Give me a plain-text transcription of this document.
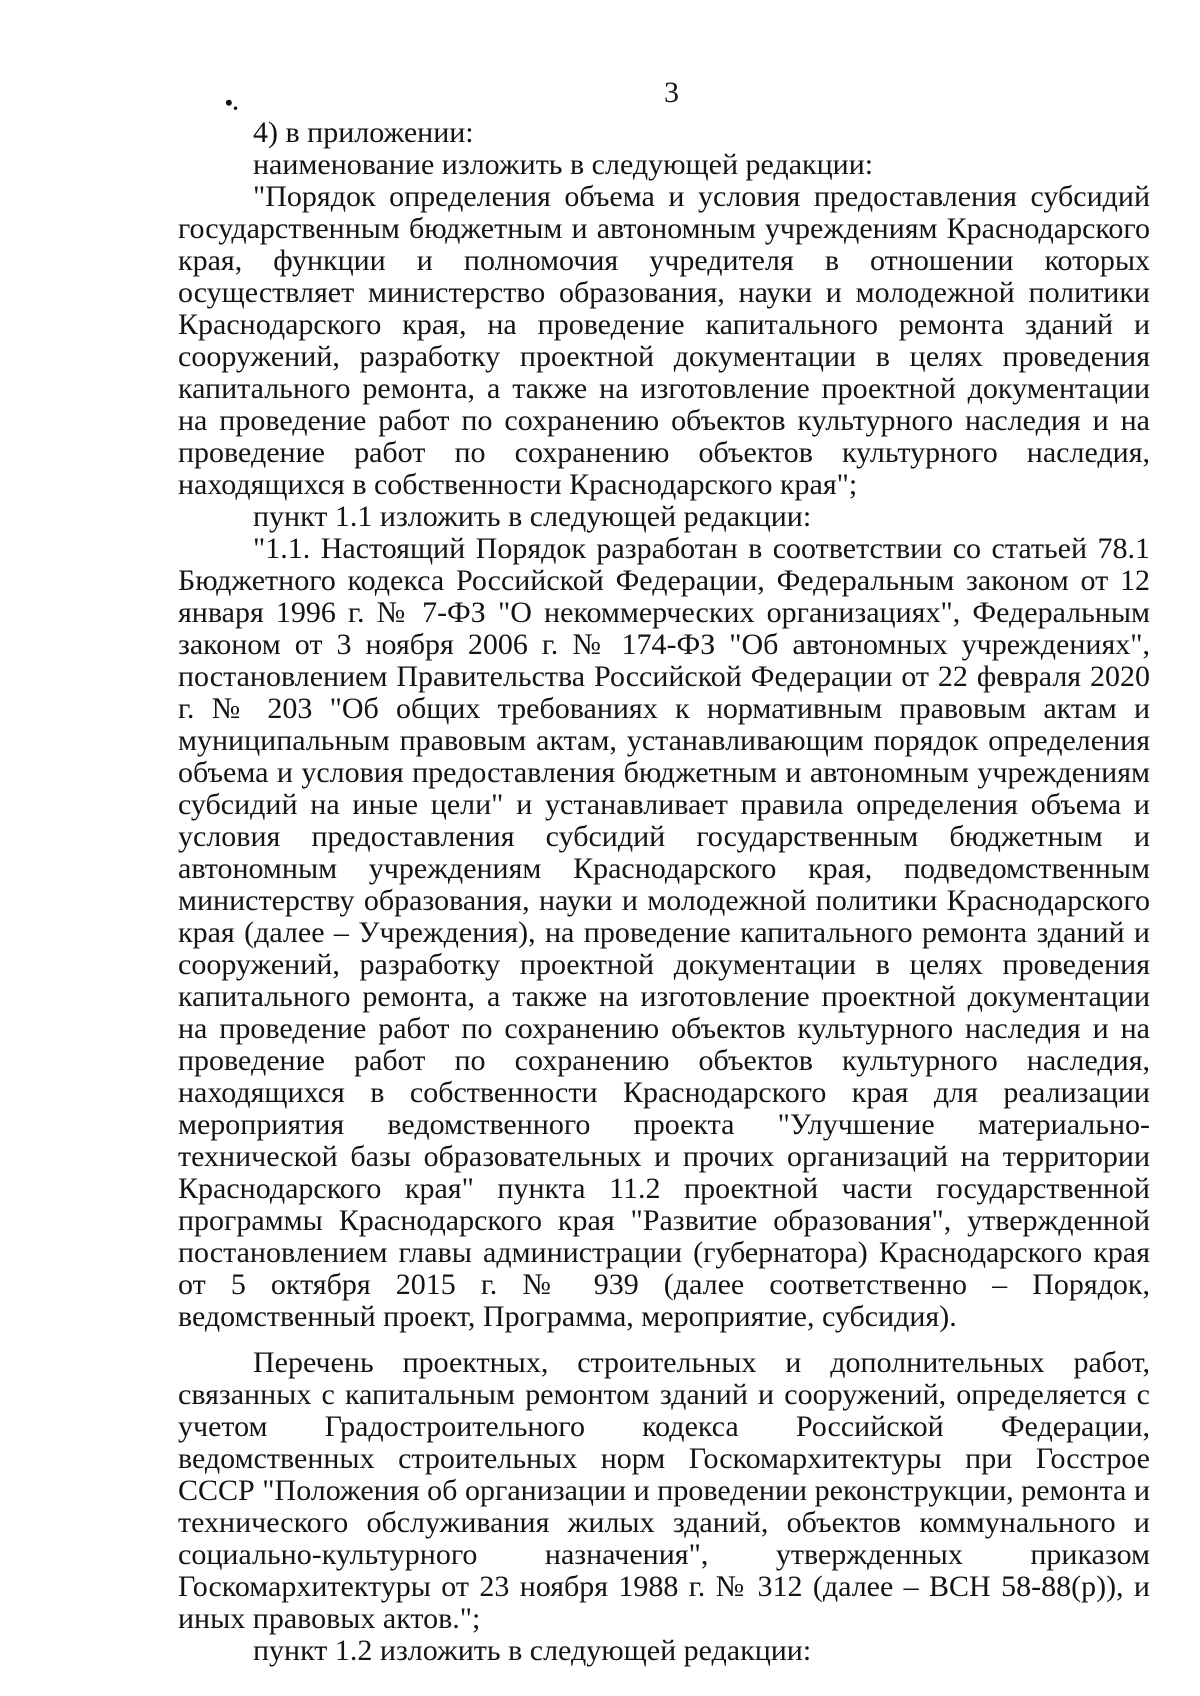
•.	3

4) в приложении:

наименование изложить в следующей редакции:

"Порядок определения объема и условия предоставления субсидий государственным бюджетным и автономным учреждениям Краснодарского края, функции и полномочия учредителя в отношении которых осуществляет министерство образования, науки и молодежной политики Краснодарского края, на проведение капитального ремонта зданий и сооружений, разработку проектной документации в целях проведения капитального ремонта, а также на изготовление проектной документации на проведение работ по сохранению объектов культурного наследия и на проведение работ по сохранению объектов культурного наследия, находящихся в собственности Краснодарского края";

пункт 1.1 изложить в следующей редакции:

"1.1. Настоящий Порядок разработан в соответствии со статьей 78.1 Бюджетного кодекса Российской Федерации, Федеральным законом от 12 января 1996 г. № 7-ФЗ "О некоммерческих организациях", Федеральным законом от 3 ноября 2006 г. № 174-ФЗ "Об автономных учреждениях", постановлением Правительства Российской Федерации от 22 февраля 2020 г. № 203 "Об общих требованиях к нормативным правовым актам и муниципальным правовым актам, устанавливающим порядок определения объема и условия предоставления бюджетным и автономным учреждениям субсидий на иные цели" и устанавливает правила определения объема и условия предоставления субсидий государственным бюджетным и автономным учреждениям Краснодарского края, подведомственным министерству образования, науки и молодежной политики Краснодарского края (далее – Учреждения), на проведение капитального ремонта зданий и сооружений, разработку проектной документации в целях проведения капитального ремонта, а также на изготовление проектной документации на проведение работ по сохранению объектов культурного наследия и на проведение работ по сохранению объектов культурного наследия, находящихся в собственности Краснодарского края для реализации мероприятия ведомственного проекта "Улучшение материально-технической базы образовательных и прочих организаций на территории Краснодарского края" пункта 11.2 проектной части государственной программы Краснодарского края "Развитие образования", утвержденной постановлением главы администрации (губернатора) Краснодарского края от 5 октября 2015 г. № 939 (далее соответственно – Порядок, ведомственный проект, Программа, мероприятие, субсидия).

Перечень проектных, строительных и дополнительных работ, связанных с капитальным ремонтом зданий и сооружений, определяется с учетом Градостроительного кодекса Российской Федерации, ведомственных строительных норм Госкомархитектуры при Госстрое СССР "Положения об организации и проведении реконструкции, ремонта и технического обслуживания жилых зданий, объектов коммунального и социально-культурного назначения", утвержденных приказом Госкомархитектуры от 23 ноября 1988 г. № 312 (далее – ВСН 58-88(р)), и иных правовых актов.";

пункт 1.2 изложить в следующей редакции:
